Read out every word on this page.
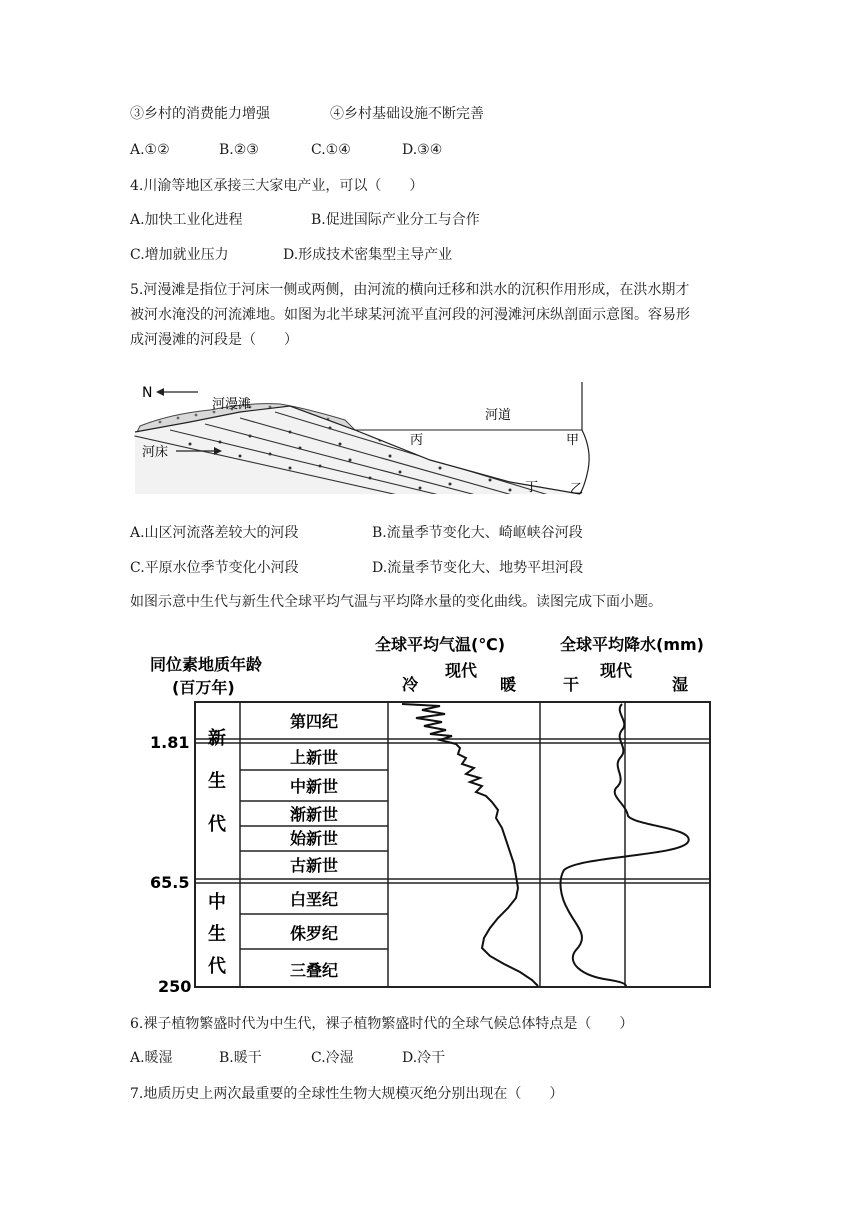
③乡村的消费能力增强	④乡村基础设施不断完善
A.①②	B.②③	C.①④	D.③④
4.川渝等地区承接三大家电产业，可以（　　）
A.加快工业化进程	B.促进国际产业分工与合作
C.增加就业压力	D.形成技术密集型主导产业
5.河漫滩是指位于河床一侧或两侧，由河流的横向迁移和洪水的沉积作用形成，在洪水期才
被河水淹没的河流滩地。如图为北半球某河流平直河段的河漫滩河床纵剖面示意图。容易形
成河漫滩的河段是（　　）
N
河漫滩
河道
河床
甲
丙
丁 乙
A.山区河流落差较大的河段	B.流量季节变化大、崎岖峡谷河段
C.平原水位季节变化小河段	D.流量季节变化大、地势平坦河段
如图示意中生代与新生代全球平均气温与平均降水量的变化曲线。读图完成下面小题。
同位素地质年龄
(百万年)
全球平均气温(℃)
冷
现代
暖
全球平均降水(mm)
干
现代
湿
1.81
65.5
250
新
生
代
中
生
代
第四纪
上新世
中新世
渐新世
始新世
古新世
白垩纪
侏罗纪
三叠纪
6.裸子植物繁盛时代为中生代，裸子植物繁盛时代的全球气候总体特点是（　　）
A.暖湿	B.暖干	C.冷湿	D.冷干
7.地质历史上两次最重要的全球性生物大规模灭绝分别出现在（　　）
